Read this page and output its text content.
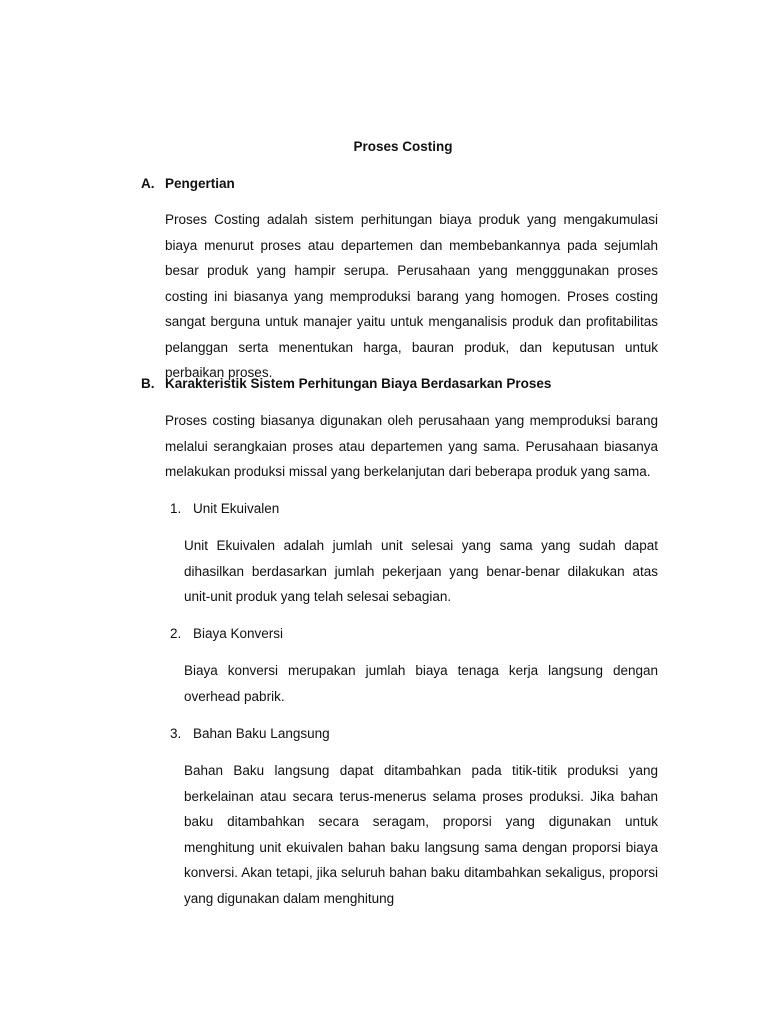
Proses Costing
A. Pengertian
Proses Costing adalah sistem perhitungan biaya produk yang mengakumulasi biaya menurut proses atau departemen dan membebankannya pada sejumlah besar produk yang hampir serupa. Perusahaan yang mengggunakan proses costing ini biasanya yang memproduksi barang yang homogen. Proses costing sangat berguna untuk manajer yaitu untuk menganalisis produk dan profitabilitas pelanggan serta menentukan harga, bauran produk, dan keputusan untuk perbaikan proses.
B. Karakteristik Sistem Perhitungan Biaya Berdasarkan Proses
Proses costing biasanya digunakan oleh perusahaan yang memproduksi barang melalui serangkaian proses atau departemen yang sama. Perusahaan biasanya melakukan produksi missal yang berkelanjutan dari beberapa produk yang sama.
1. Unit Ekuivalen
Unit Ekuivalen adalah jumlah unit selesai yang sama yang sudah dapat dihasilkan berdasarkan jumlah pekerjaan yang benar-benar dilakukan atas unit-unit produk yang telah selesai sebagian.
2. Biaya Konversi
Biaya konversi merupakan jumlah biaya tenaga kerja langsung dengan overhead pabrik.
3. Bahan Baku Langsung
Bahan Baku langsung dapat ditambahkan pada titik-titik produksi yang berkelainan atau secara terus-menerus selama proses produksi. Jika bahan baku ditambahkan secara seragam, proporsi yang digunakan untuk menghitung unit ekuivalen bahan baku langsung sama dengan proporsi biaya konversi. Akan tetapi, jika seluruh bahan baku ditambahkan sekaligus, proporsi yang digunakan dalam menghitung
